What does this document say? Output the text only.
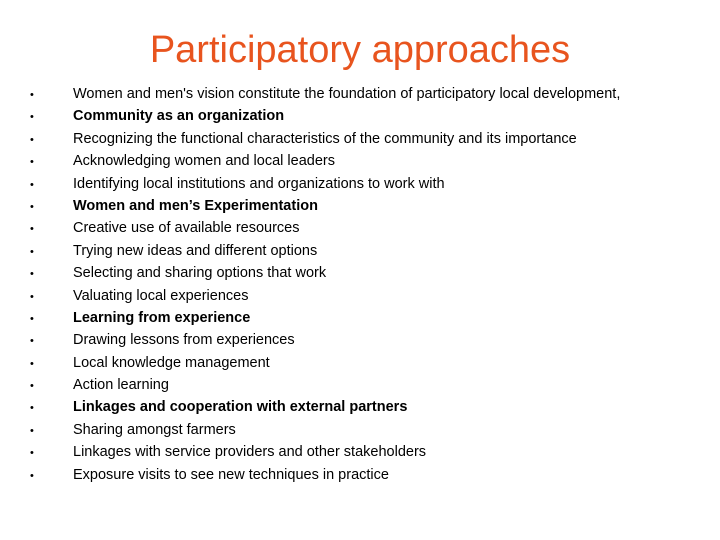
Participatory approaches
•	Women and men's vision constitute the foundation of participatory local development,
•	Community as an organization
•	Recognizing the functional characteristics of the community and its importance
•	Acknowledging women and local leaders
•	Identifying local institutions and organizations to work with
•	Women and men’s Experimentation
•	Creative use of available resources
•	Trying new ideas and different options
•	Selecting and sharing options that work
•	Valuating local experiences
•	Learning from experience
•	Drawing lessons from experiences
•	Local knowledge management
•	Action learning
•	Linkages and cooperation with external partners
•	Sharing amongst farmers
•	Linkages with service providers and other stakeholders
•	Exposure visits to see new techniques in practice
